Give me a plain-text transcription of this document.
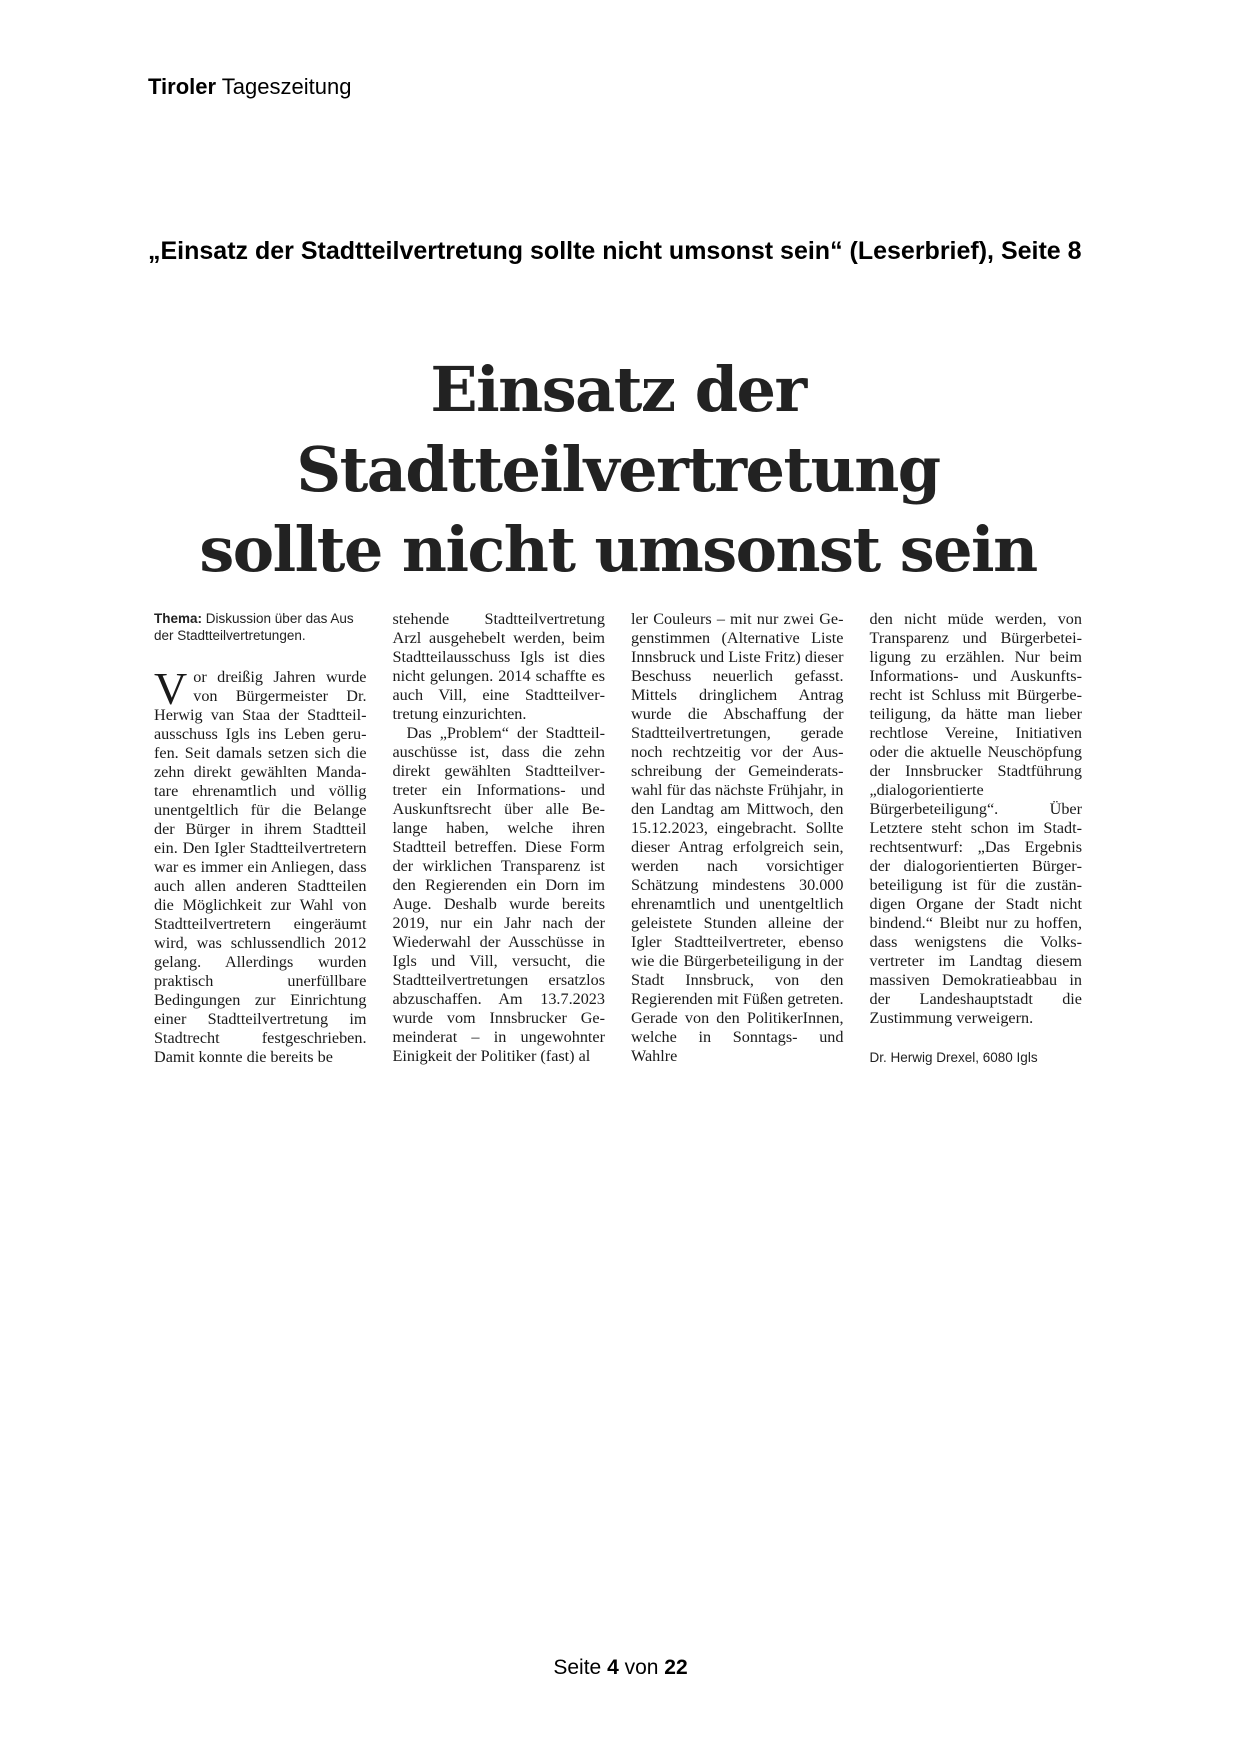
Tiroler Tageszeitung
„Einsatz der Stadtteilvertretung sollte nicht umsonst sein“ (Leserbrief), Seite 8
Einsatz der Stadtteilvertretung
sollte nicht umsonst sein
Thema: Diskussion über das Aus der Stadtteilvertretungen.

Vor dreißig Jahren wurde von Bürgermeister Dr. Herwig van Staa der Stadtteilausschuss Igls ins Leben gerufen. Seit damals setzen sich die zehn direkt gewählten Mandatare ehrenamtlich und völlig unentgeltlich für die Belange der Bürger in ihrem Stadtteil ein. Den Igler Stadtteilvertretern war es immer ein Anliegen, dass auch allen anderen Stadtteilen die Möglichkeit zur Wahl von Stadtteilvertretern eingeräumt wird, was schlussendlich 2012 gelang. Allerdings wurden praktisch unerfüllbare Bedingungen zur Einrichtung einer Stadtteilvertretung im Stadtrecht festgeschrieben. Damit konnte die bereits be

stehende Stadtteilvertretung Arzl ausgehebelt werden, beim Stadtteilausschuss Igls ist dies nicht gelungen. 2014 schaffte es auch Vill, eine Stadtteilvertretung einzurichten.

Das „Problem“ der Stadtteilauschüsse ist, dass die zehn direkt gewählten Stadtteilvertreter ein Informations- und Auskunftsrecht über alle Belange haben, welche ihren Stadtteil betreffen. Diese Form der wirklichen Transparenz ist den Regierenden ein Dorn im Auge. Deshalb wurde bereits 2019, nur ein Jahr nach der Wiederwahl der Ausschüsse in Igls und Vill, versucht, die Stadtteilvertretungen ersatzlos abzuschaffen. Am 13.7.2023 wurde vom Innsbrucker Gemeinderat – in ungewohnter Einigkeit der Politiker (fast) al

ler Couleurs – mit nur zwei Gegenstimmen (Alternative Liste Innsbruck und Liste Fritz) dieser Beschuss neuerlich gefasst. Mittels dringlichem Antrag wurde die Abschaffung der Stadtteilvertretungen, gerade noch rechtzeitig vor der Ausschreibung der Gemeinderatswahl für das nächste Frühjahr, in den Landtag am Mittwoch, den 15.12.2023, eingebracht. Sollte dieser Antrag erfolgreich sein, werden nach vorsichtiger Schätzung mindestens 30.000 ehrenamtlich und unentgeltlich geleistete Stunden alleine der Igler Stadtteilvertreter, ebenso wie die Bürgerbeteiligung in der Stadt Innsbruck, von den Regierenden mit Füßen getreten. Gerade von den PolitikerInnen, welche in Sonntags- und Wahlre

den nicht müde werden, von Transparenz und Bürgerbeteiligung zu erzählen. Nur beim Informations- und Auskunftsrecht ist Schluss mit Bürgerbeteiligung, da hätte man lieber rechtlose Vereine, Initiativen oder die aktuelle Neuschöpfung der Innsbrucker Stadtführung „dialogorientierte Bürgerbeteiligung“. Über Letztere steht schon im Stadtrechtsentwurf: „Das Ergebnis der dialogorientierten Bürgerbeteiligung ist für die zuständigen Organe der Stadt nicht bindend.“ Bleibt nur zu hoffen, dass wenigstens die Volksvertreter im Landtag diesem massiven Demokratieabbau in der Landeshauptstadt die Zustimmung verweigern.

Dr. Herwig Drexel, 6080 Igls
Seite 4 von 22
